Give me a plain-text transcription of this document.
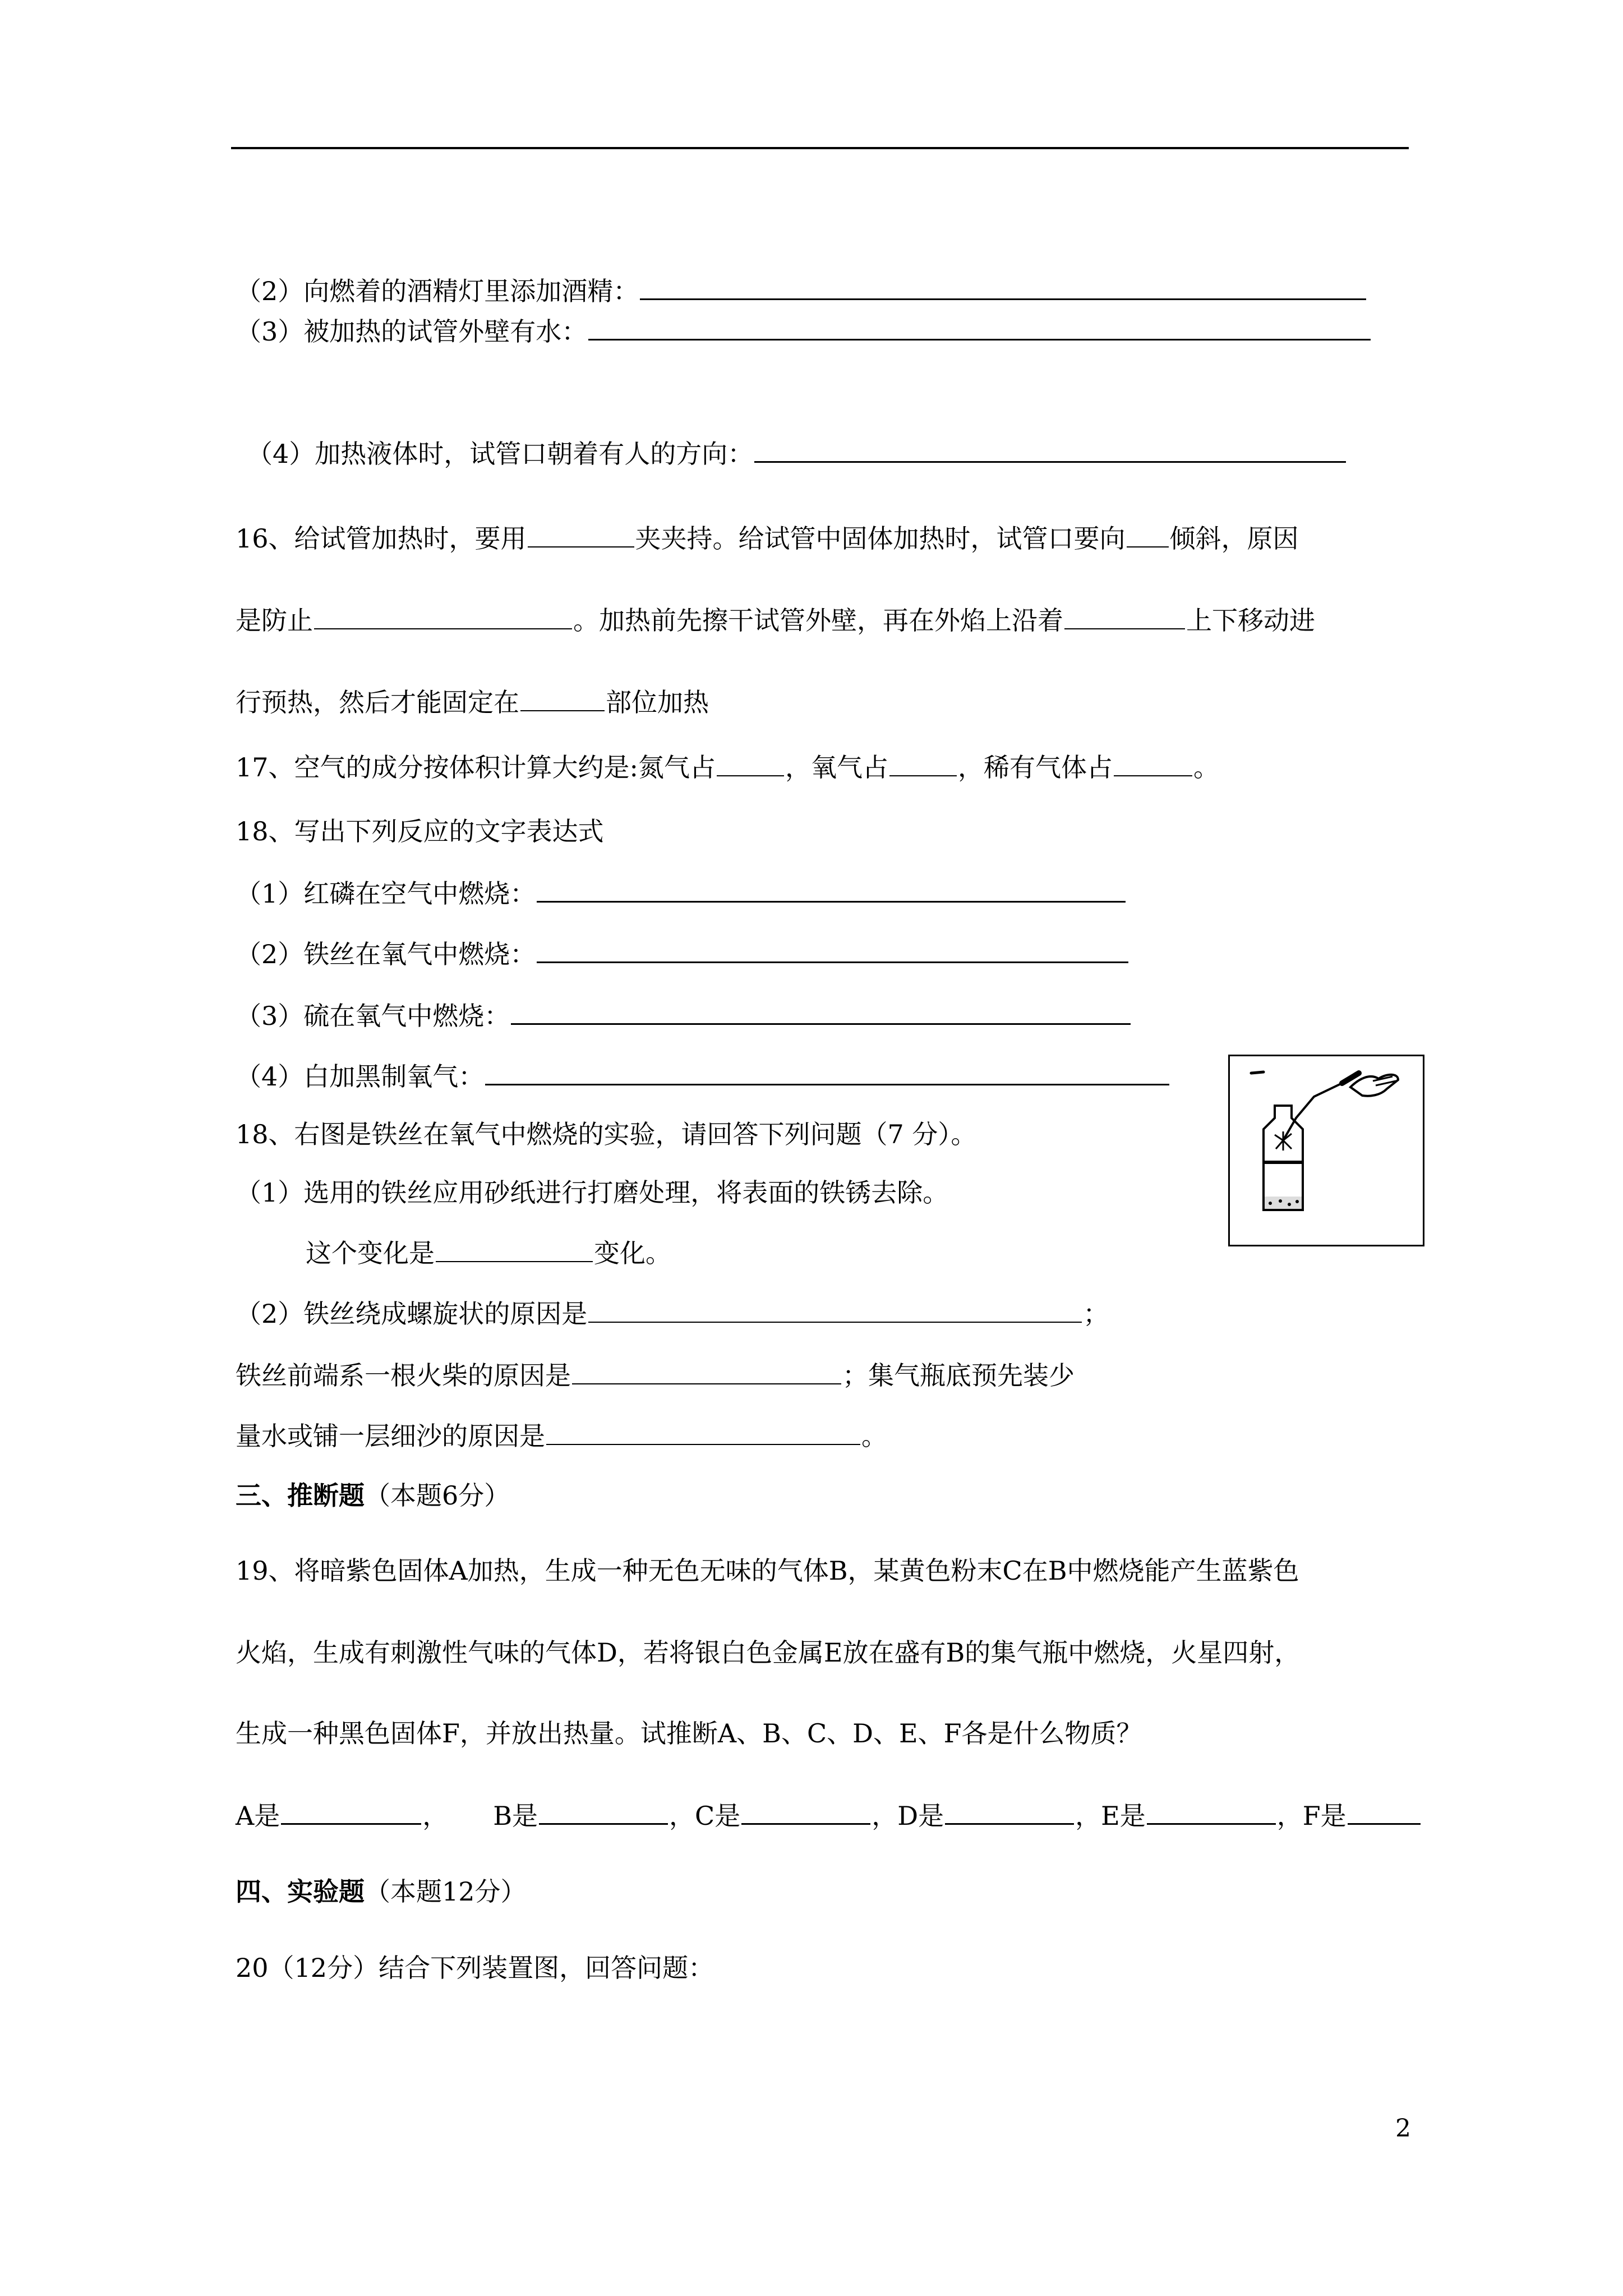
（2）向燃着的酒精灯里添加酒精：
（3）被加热的试管外壁有水：
（4）加热液体时，试管口朝着有人的方向：
16、给试管加热时，要用	夹夹持。给试管中固体加热时，试管口要向 倾斜，原因
是防止	。加热前先擦干试管外壁，再在外焰上沿着	上下移动进
行预热，然后才能固定在	部位加热
17、空气的成分按体积计算大约是:氮气占	，氧气占	，稀有气体占	。
18、写出下列反应的文字表达式
（1）红磷在空气中燃烧：
（2）铁丝在氧气中燃烧：
（3）硫在氧气中燃烧：
（4）白加黑制氧气：
18、右图是铁丝在氧气中燃烧的实验，请回答下列问题（7 分）。
（1）选用的铁丝应用砂纸进行打磨处理，将表面的铁锈去除。
这个变化是	变化。
（2）铁丝绕成螺旋状的原因是	；
铁丝前端系一根火柴的原因是	；集气瓶底预先装少
量水或铺一层细沙的原因是	。
三、推断题（本题6分）
19、将暗紫色固体A加热，生成一种无色无味的气体B，某黄色粉末C在B中燃烧能产生蓝紫色
火焰，生成有刺激性气味的气体D，若将银白色金属E放在盛有B的集气瓶中燃烧，火星四射，
生成一种黑色固体F，并放出热量。试推断A、B、C、D、E、F各是什么物质？
A是	， B是	，C是	，D是	，E是	，F是
四、实验题（本题12分）
20（12分）结合下列装置图，回答问题：
2
